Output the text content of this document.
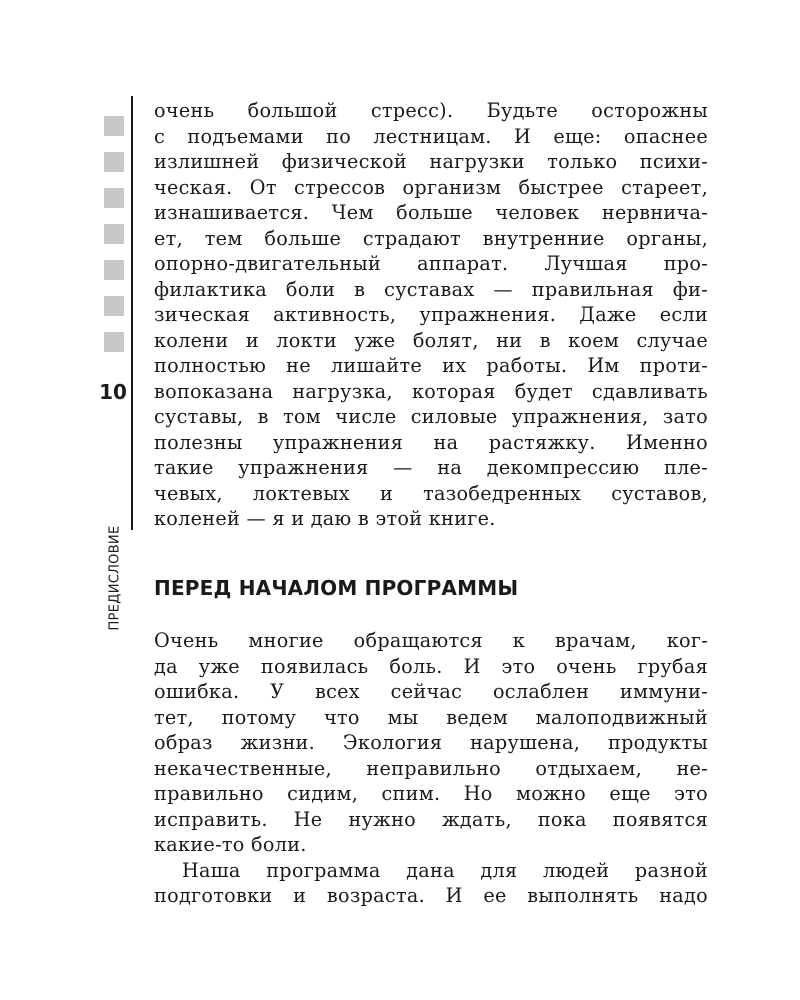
10
ПРЕДИСЛОВИЕ
очень большой стресс). Будьте осторожны
с подъемами по лестницам. И еще: опаснее
излишней физической нагрузки только психи-
ческая. От стрессов организм быстрее стареет,
изнашивается. Чем больше человек нервнича-
ет, тем больше страдают внутренние органы,
опорно-двигательный аппарат. Лучшая про-
филактика боли в суставах — правильная фи-
зическая активность, упражнения. Даже если
колени и локти уже болят, ни в коем случае
полностью не лишайте их работы. Им проти-
вопоказана нагрузка, которая будет сдавливать
суставы, в том числе силовые упражнения, зато
полезны упражнения на растяжку. Именно
такие упражнения — на декомпрессию пле-
чевых, локтевых и тазобедренных суставов,
коленей — я и даю в этой книге.
ПЕРЕД НАЧАЛОМ ПРОГРАММЫ
Очень многие обращаются к врачам, ког-
да уже появилась боль. И это очень грубая
ошибка. У всех сейчас ослаблен иммуни-
тет, потому что мы ведем малоподвижный
образ жизни. Экология нарушена, продукты
некачественные, неправильно отдыхаем, не-
правильно сидим, спим. Но можно еще это
исправить. Не нужно ждать, пока появятся
какие-то боли.
Наша программа дана для людей разной
подготовки и возраста. И ее выполнять надо
